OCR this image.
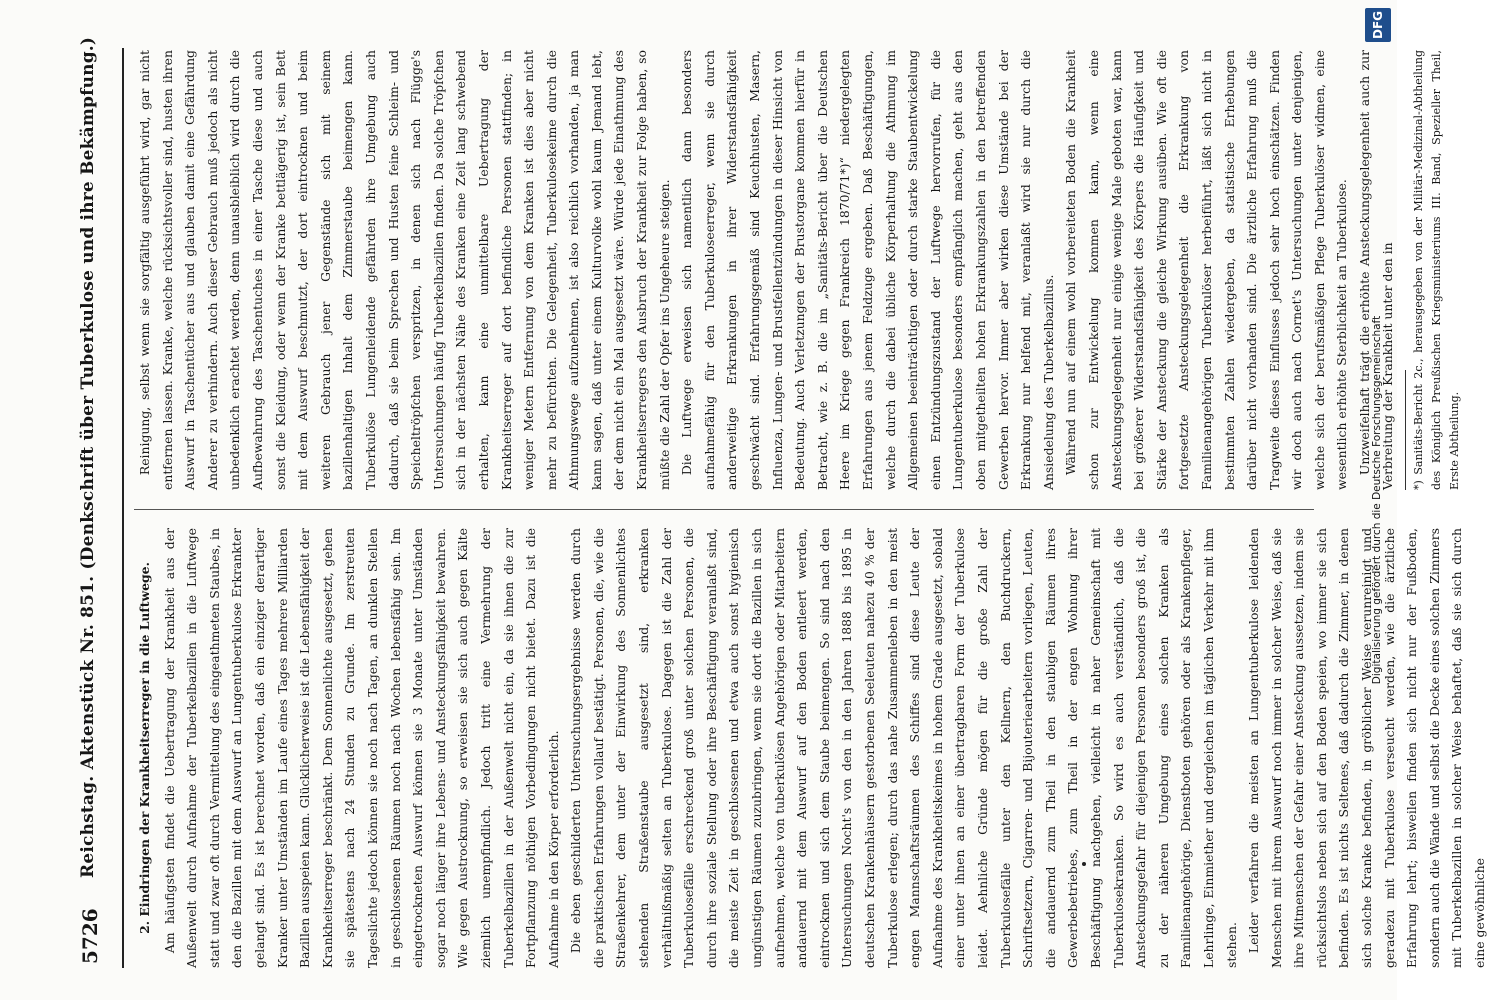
5726
Reichstag. Aktenstück Nr. 851. (Denkschrift über Tuberkulose und ihre Bekämpfung.)	2. Eindringen der Krankheitserreger in die Luftwege. Am häufigsten findet die Uebertragung der Krankheit aus der Außenwelt durch Aufnahme der Tuberkelbazillen in die Luftwege statt und zwar oft durch Vermittelung des eingeathmeten Staubes, in den die Bazillen mit dem Auswurf an Lungentuberkulose Erkrankter gelangt sind. Es ist berechnet worden, daß ein einziger derartiger Kranker unter Umständen im Laufe eines Tages mehrere Milliarden Bazillen ausspeien kann. Glücklicherweise ist die Lebensfähigkeit der Krankheitserreger beschränkt. Dem Sonnenlichte ausgesetzt, gehen sie spätestens nach 24 Stunden zu Grunde. Im zerstreuten Tageslichte jedoch können sie noch nach Tagen, an dunklen Stellen in geschlossenen Räumen noch nach Wochen lebensfähig sein. Im eingetrockneten Auswurf können sie 3 Monate unter Umständen sogar noch länger ihre Lebens- und Ansteckungsfähigkeit bewahren. Wie gegen Austrocknung, so erweisen sie sich auch gegen Kälte ziemlich unempfindlich. Jedoch tritt eine Vermehrung der Tuberkelbazillen in der Außenwelt nicht ein, da sie ihnen die zur Fortpflanzung nöthigen Vorbedingungen nicht bietet. Dazu ist die Aufnahme in den Körper erforderlich. Die eben geschilderten Untersuchungsergebnisse werden durch die praktischen Erfahrungen vollauf bestätigt. Personen, die, wie die Straßenkehrer, dem unter der Einwirkung des Sonnenlichtes stehenden Straßenstaube ausgesetzt sind, erkranken verhältnißmäßig selten an Tuberkulose. Dagegen ist die Zahl der Tuberkulosefälle erschreckend groß unter solchen Personen, die durch ihre soziale Stellung oder ihre Beschäftigung veranlaßt sind, die meiste Zeit in geschlossenen und etwa auch sonst hygienisch ungünstigen Räumen zuzubringen, wenn sie dort die Bazillen in sich aufnehmen, welche von tuberkulösen Angehörigen oder Mitarbeitern andauernd mit dem Auswurf auf den Boden entleert werden, eintrocknen und sich dem Staube beimengen. So sind nach den Untersuchungen Nocht's von den in den Jahren 1888 bis 1895 in deutschen Krankenhäusern gestorbenen Seeleuten nahezu 40 % der Tuberkulose erlegen; durch das nahe Zusammenleben in den meist engen Mannschaftsräumen des Schiffes sind diese Leute der Aufnahme des Krankheitskeimes in hohem Grade ausgesetzt, sobald einer unter ihnen an einer übertragbaren Form der Tuberkulose leidet. Aehnliche Gründe mögen für die große Zahl der Tuberkulosefälle unter den Kellnern, den Buchdruckern, Schriftsetzern, Cigarren- und Bijouteriearbeitern vorliegen, Leuten, die andauernd zum Theil in den staubigen Räumen ihres Gewerbebetriebes, zum Theil in der engen Wohnung ihrer Beschäftigung nachgehen, vielleicht in naher Gemeinschaft mit Tuberkulosekranken. So wird es auch verständlich, daß die Ansteckungsgefahr für diejenigen Personen besonders groß ist, die zu der näheren Umgebung eines solchen Kranken als Familienangehörige, Dienstboten gehören oder als Krankenpfleger, Lehrlinge, Einmiether und dergleichen im täglichen Verkehr mit ihm stehen. Leider verfahren die meisten an Lungentuberkulose leidenden Menschen mit ihrem Auswurf noch immer in solcher Weise, daß sie ihre Mitmenschen der Gefahr einer Ansteckung aussetzen, indem sie rücksichtslos neben sich auf den Boden speien, wo immer sie sich befinden. Es ist nichts Seltenes, daß dadurch die Zimmer, in denen sich solche Kranke befinden, in gröblicher Weise verunreinigt und geradezu mit Tuberkulose verseucht werden, wie die ärztliche Erfahrung lehrt; bisweilen finden sich nicht nur der Fußboden, sondern auch die Wände und selbst die Decke eines solchen Zimmers mit Tuberkelbazillen in solcher Weise behaftet, daß sie sich durch eine gewöhnliche

Reinigung, selbst wenn sie sorgfältig ausgeführt wird, gar nicht entfernen lassen. Kranke, welche rücksichtsvoller sind, husten ihren Auswurf in Taschentücher aus und glauben damit eine Gefährdung Anderer zu verhindern. Auch dieser Gebrauch muß jedoch als nicht unbedenklich erachtet werden, denn unausbleiblich wird durch die Aufbewahrung des Taschentuches in einer Tasche diese und auch sonst die Kleidung, oder wenn der Kranke bettlägerig ist, sein Bett mit dem Auswurf beschmutzt, der dort eintrocknen und beim weiteren Gebrauch jener Gegenstände sich mit seinem bazillenhaltigen Inhalt dem Zimmerstaube beimengen kann. Tuberkulöse Lungenleidende gefährden ihre Umgebung auch dadurch, daß sie beim Sprechen und Husten feine Schleim- und Speicheltröpfchen verspritzen, in denen sich nach Flügge's Untersuchungen häufig Tuberkelbazillen finden. Da solche Tröpfchen sich in der nächsten Nähe des Kranken eine Zeit lang schwebend erhalten, kann eine unmittelbare Uebertragung der Krankheitserreger auf dort befindliche Personen stattfinden; in weniger Metern Entfernung von dem Kranken ist dies aber nicht mehr zu befürchten. Die Gelegenheit, Tuberkulosekeime durch die Athmungswege aufzunehmen, ist also reichlich vorhanden, ja man kann sagen, daß unter einem Kulturvolke wohl kaum Jemand lebt, der dem nicht ein Mal ausgesetzt wäre. Würde jede Einathmung des Krankheitserregers den Ausbruch der Krankheit zur Folge haben, so müßte die Zahl der Opfer ins Ungeheure steigen. Die Luftwege erweisen sich namentlich dann besonders aufnahmefähig für den Tuberkuloseerreger, wenn sie durch anderweitige Erkrankungen in ihrer Widerstandsfähigkeit geschwächt sind. Erfahrungsgemäß sind Keuchhusten, Masern, Influenza, Lungen- und Brustfellentzündungen in dieser Hinsicht von Bedeutung. Auch Verletzungen der Brustorgane kommen hierfür in Betracht, wie z. B. die im „Sanitäts-Bericht über die Deutschen Heere im Kriege gegen Frankreich 1870/71*)“ niedergelegten Erfahrungen aus jenem Feldzuge ergeben. Daß Beschäftigungen, welche durch die dabei übliche Körperhaltung die Athmung im Allgemeinen beeinträchtigen oder durch starke Staubentwickelung einen Entzündungszustand der Luftwege hervorrufen, für die Lungentuberkulose besonders empfänglich machen, geht aus den oben mitgetheilten hohen Erkrankungszahlen in den betreffenden Gewerben hervor. Immer aber wirken diese Umstände bei der Erkrankung nur helfend mit, veranlaßt wird sie nur durch die Ansiedelung des Tuberkelbazillus. Während nun auf einem wohl vorbereiteten Boden die Krankheit schon zur Entwickelung kommen kann, wenn eine Ansteckungsgelegenheit nur einige wenige Male geboten war, kann bei größerer Widerstandsfähigkeit des Körpers die Häufigkeit und Stärke der Ansteckung die gleiche Wirkung ausüben. Wie oft die fortgesetzte Ansteckungsgelegenheit die Erkrankung von Familienangehörigen Tuberkulöser herbeiführt, läßt sich nicht in bestimmten Zahlen wiedergeben, da statistische Erhebungen darüber nicht vorhanden sind. Die ärztliche Erfahrung muß die Tragweite dieses Einflusses jedoch sehr hoch einschätzen. Finden wir doch auch nach Cornet's Untersuchungen unter denjenigen, welche sich der berufsmäßigen Pflege Tuberkulöser widmen, eine wesentlich erhöhte Sterblichkeit an Tuberkulose. Unzweifelhaft trägt die erhöhte Ansteckungsgelegenheit auch zur Verbreitung der Krankheit unter den in	*) Sanitäts-Bericht 2c., herausgegeben von der Militär-Medizinal-Abtheilung des Königlich Preußischen Kriegsministeriums III. Band, Spezieller Theil, Erste Abtheilung.

DFG
Digitalisierung gefördert durch die Deutsche Forschungsgemeinschaft
